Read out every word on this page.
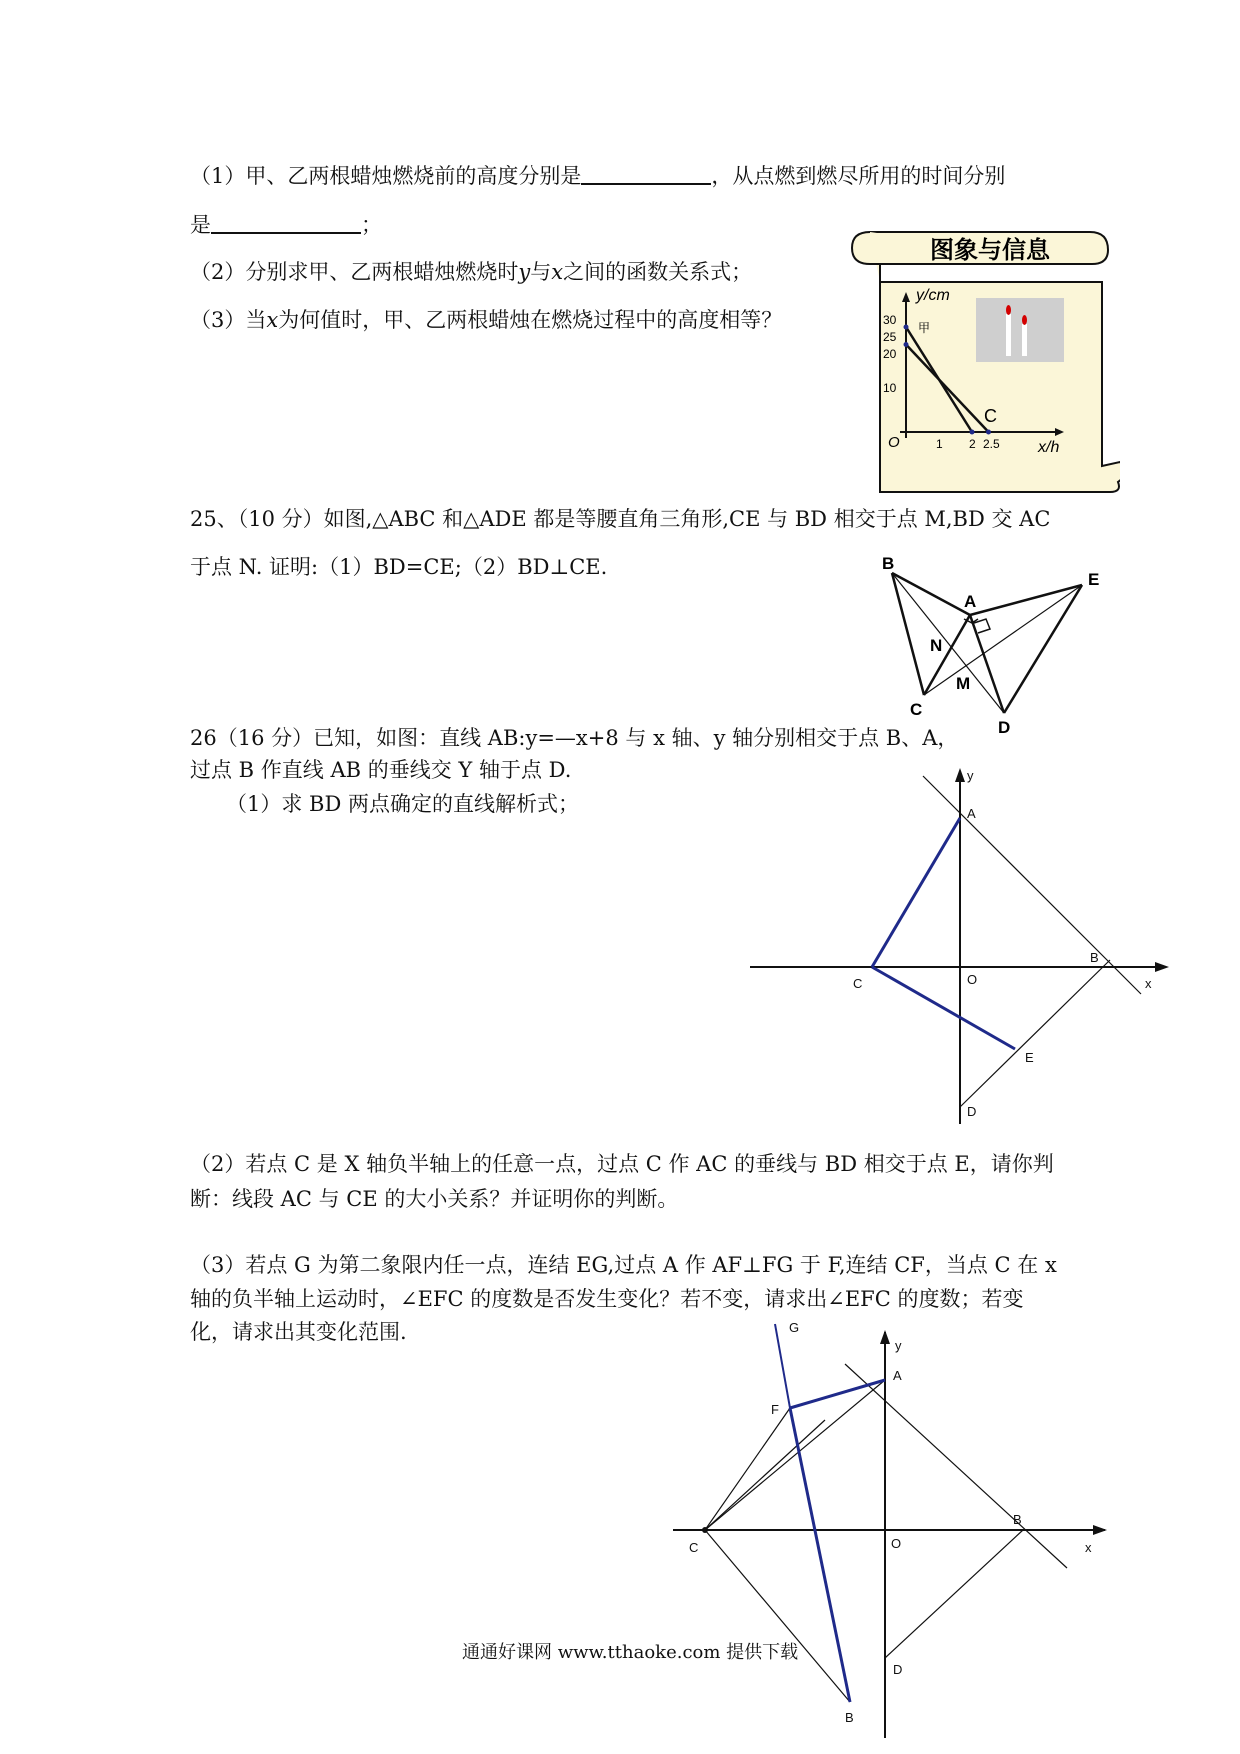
（1）甲、乙两根蜡烛燃烧前的高度分别是	，从点燃到燃尽所用的时间分别
是	；
（2）分别求甲、乙两根蜡烛燃烧时y与x之间的函数关系式；
（3）当x为何值时，甲、乙两根蜡烛在燃烧过程中的高度相等？
图象与信息
y/cm
x/h
O
30
25
20
10
1 2 2.5
甲
C
25、（10 分）如图,△ABC 和△ADE 都是等腰直角三角形,CE 与 BD 相交于点 M,BD 交 AC
于点 N. 证明:（1）BD=CE;（2）BD⊥CE.	B
A
E
N
M
C
D
26（16 分）已知，如图：直线 AB:y=—x+8 与 x 轴、y 轴分别相交于点 B、A，
过点 B 作直线 AB 的垂线交 Y 轴于点 D.
（1）求 BD 两点确定的直线解析式；
y
A
B
O	x
C
E
D
（2）若点 C 是 X 轴负半轴上的任意一点，过点 C 作 AC 的垂线与 BD 相交于点 E，请你判
断：线段 AC 与 CE 的大小关系？并证明你的判断。
（3）若点 G 为第二象限内任一点，连结 EG,过点 A 作 AF⊥FG 于 F,连结 CF，当点 C 在 x
轴的负半轴上运动时，∠EFC 的度数是否发生变化？若不变，请求出∠EFC 的度数；若变
化，请求出其变化范围.	G
y
A
F
B
C	O	x
D
B
通通好课网 www.tthaoke.com 提供下载
